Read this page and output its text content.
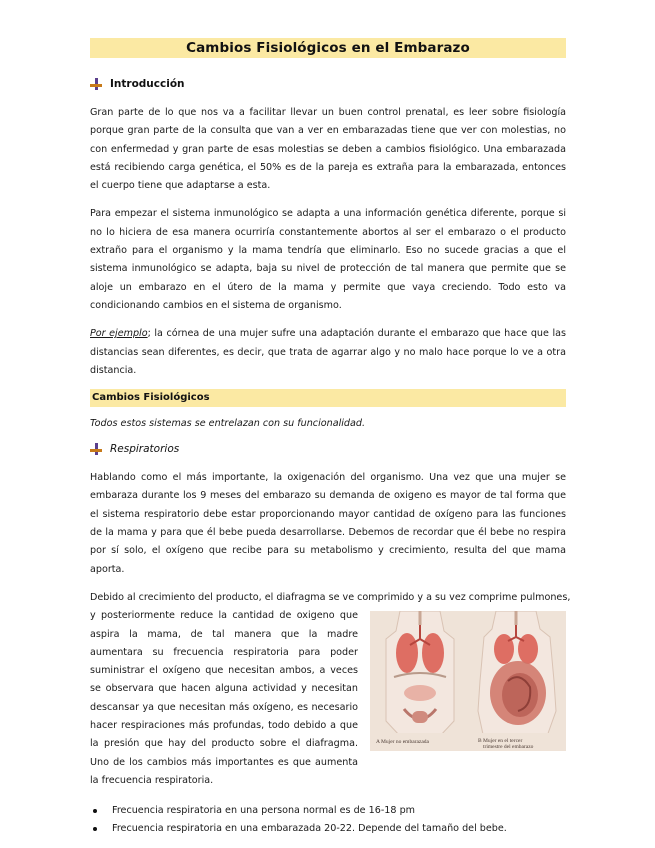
Cambios Fisiológicos en el Embarazo
Introducción

Gran parte de lo que nos va a facilitar llevar un buen control prenatal, es leer sobre fisiología porque gran parte de la consulta que van a ver en embarazadas tiene que ver con molestias, no con enfermedad y gran parte de esas molestias se deben a cambios fisiológico. Una embarazada está recibiendo carga genética, el 50% es de la pareja es extraña para la embarazada, entonces el cuerpo tiene que adaptarse a esta.

Para empezar el sistema inmunológico se adapta a una información genética diferente, porque si no lo hiciera de esa manera ocurriría constantemente abortos al ser el embarazo o el producto extraño para el organismo y la mama tendría que eliminarlo. Eso no sucede gracias a que el sistema inmunológico se adapta, baja su nivel de protección de tal manera que permite que se aloje un embarazo en el útero de la mama y permite que vaya creciendo. Todo esto va condicionando cambios en el sistema de organismo.

Por ejemplo; la córnea de una mujer sufre una adaptación durante el embarazo que hace que las distancias sean diferentes, es decir, que trata de agarrar algo y no malo hace porque lo ve a otra distancia.

Cambios Fisiológicos
Todos estos sistemas se entrelazan con su funcionalidad.
Respiratorios

Hablando como el más importante, la oxigenación del organismo. Una vez que una mujer se embaraza durante los 9 meses del embarazo su demanda de oxigeno es mayor de tal forma que el sistema respiratorio debe estar proporcionando mayor cantidad de oxígeno para las funciones de la mama y para que él bebe pueda desarrollarse. Debemos de recordar que él bebe no respira por sí solo, el oxígeno que recibe para su metabolismo y crecimiento, resulta del que mama aporta.

Debido al crecimiento del producto, el diafragma se ve comprimido y a su vez comprime pulmones,

A Mujer no embarazada	B Mujer en el tercer
trimestre del embarazo

y posteriormente reduce la cantidad de oxigeno que aspira la mama, de tal manera que la madre aumentara su frecuencia respiratoria para poder suministrar el oxígeno que necesitan ambos, a veces se observara que hacen alguna actividad y necesitan descansar ya que necesitan más oxígeno, es necesario hacer respiraciones más profundas, todo debido a que la presión que hay del producto sobre el diafragma. Uno de los cambios más importantes es que aumenta la frecuencia respiratoria.

Frecuencia respiratoria en una persona normal es de 16-18 pm
Frecuencia respiratoria en una embarazada 20-22. Depende del tamaño del bebe.
